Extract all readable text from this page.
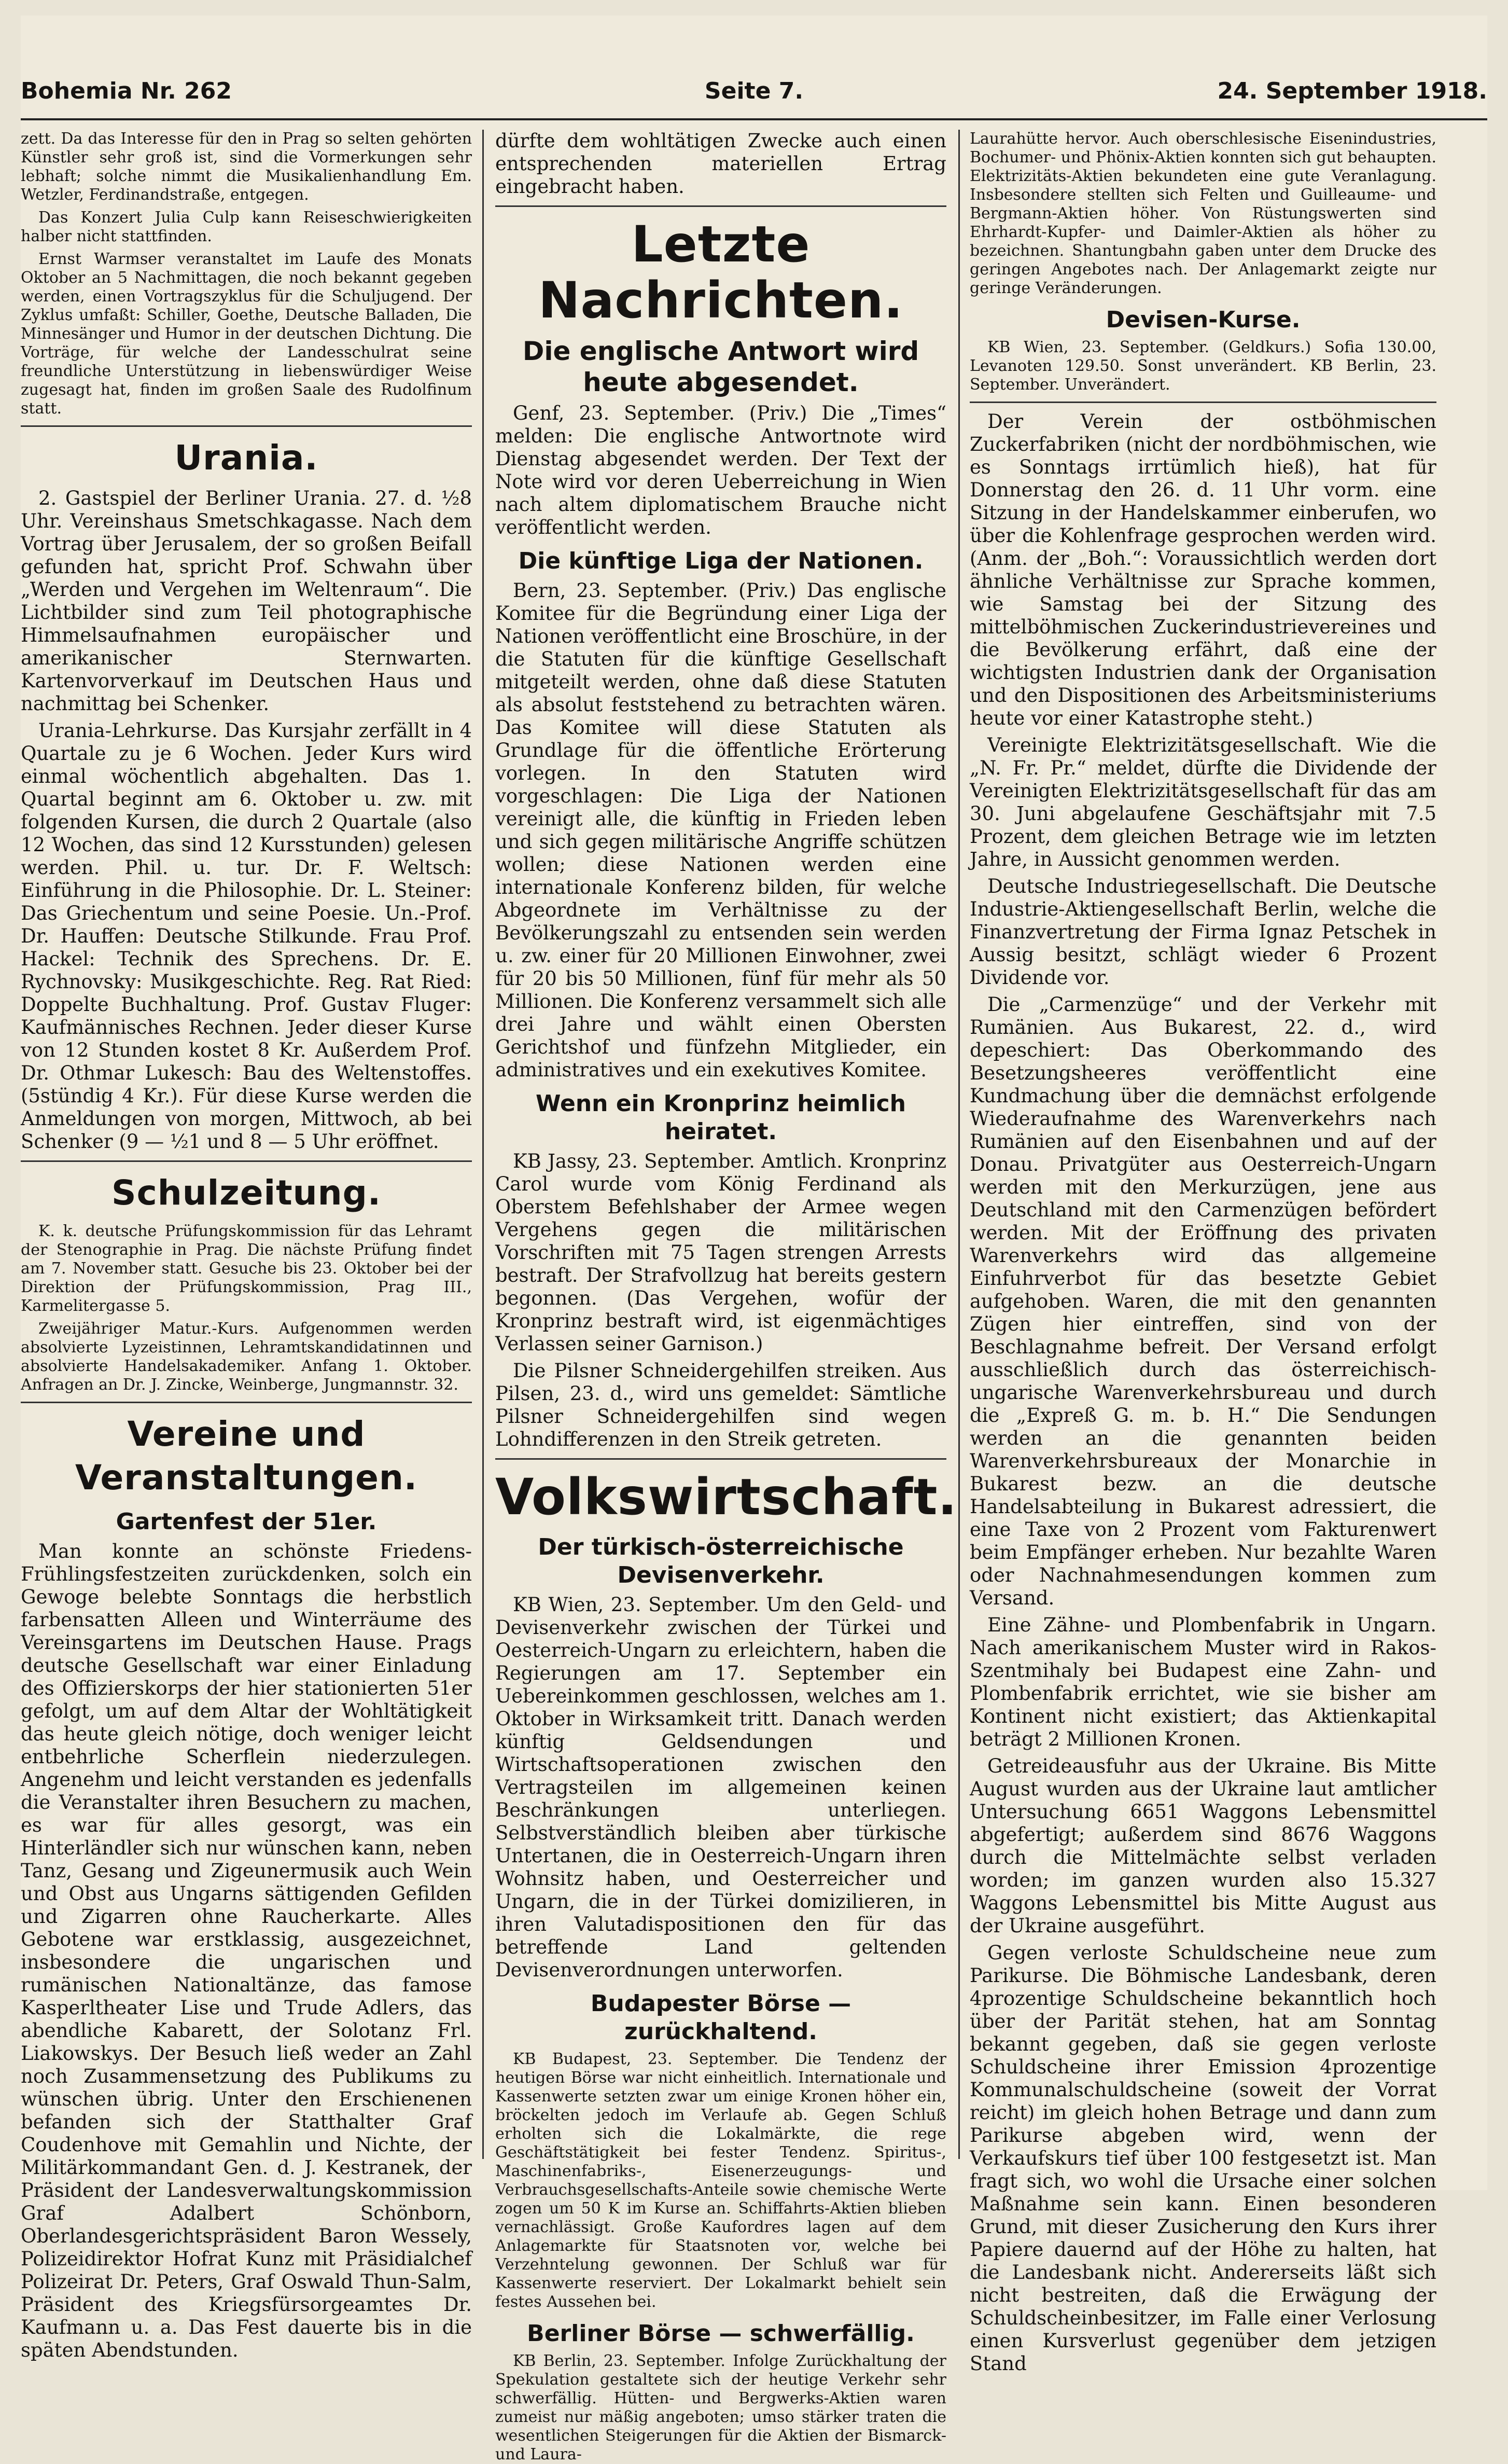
Bohemia Nr. 262	Seite 7.	24. September 1918.

zett. Da das Interesse für den in Prag so selten gehörten Künstler sehr groß ist, sind die Vormerkungen sehr lebhaft; solche nimmt die Musikalienhandlung Em. Wetzler, Ferdinandstraße, entgegen.

Das Konzert Julia Culp kann Reiseschwierigkeiten halber nicht stattfinden.

Ernst Warmser veranstaltet im Laufe des Monats Oktober an 5 Nachmittagen, die noch bekannt gegeben werden, einen Vortragszyklus für die Schuljugend. Der Zyklus umfaßt: Schiller, Goethe, Deutsche Balladen, Die Minnesänger und Humor in der deutschen Dichtung. Die Vorträge, für welche der Landesschulrat seine freundliche Unterstützung in liebenswürdiger Weise zugesagt hat, finden im großen Saale des Rudolfinum statt.

Urania.

2. Gastspiel der Berliner Urania. 27. d. ½8 Uhr. Vereinshaus Smetschkagasse. Nach dem Vortrag über Jerusalem, der so großen Beifall gefunden hat, spricht Prof. Schwahn über „Werden und Vergehen im Weltenraum“. Die Lichtbilder sind zum Teil photographische Himmelsaufnahmen europäischer und amerikanischer Sternwarten. Kartenvorverkauf im Deutschen Haus und nachmittag bei Schenker.

Urania-Lehrkurse. Das Kursjahr zerfällt in 4 Quartale zu je 6 Wochen. Jeder Kurs wird einmal wöchentlich abgehalten. Das 1. Quartal beginnt am 6. Oktober u. zw. mit folgenden Kursen, die durch 2 Quartale (also 12 Wochen, das sind 12 Kursstunden) gelesen werden. Phil. u. tur. Dr. F. Weltsch: Einführung in die Philosophie. Dr. L. Steiner: Das Griechentum und seine Poesie. Un.-Prof. Dr. Hauffen: Deutsche Stilkunde. Frau Prof. Hackel: Technik des Sprechens. Dr. E. Rychnovsky: Musikgeschichte. Reg. Rat Ried: Doppelte Buchhaltung. Prof. Gustav Fluger: Kaufmännisches Rechnen. Jeder dieser Kurse von 12 Stunden kostet 8 Kr. Außerdem Prof. Dr. Othmar Lukesch: Bau des Weltenstoffes. (5stündig 4 Kr.). Für diese Kurse werden die Anmeldungen von morgen, Mittwoch, ab bei Schenker (9 — ½1 und 8 — 5 Uhr eröffnet.

Schulzeitung.

K. k. deutsche Prüfungskommission für das Lehramt der Stenographie in Prag. Die nächste Prüfung findet am 7. November statt. Gesuche bis 23. Oktober bei der Direktion der Prüfungskommission, Prag III., Karmelitergasse 5.

Zweijähriger Matur.-Kurs. Aufgenommen werden absolvierte Lyzeistinnen, Lehramtskandidatinnen und absolvierte Handelsakademiker. Anfang 1. Oktober. Anfragen an Dr. J. Zincke, Weinberge, Jungmannstr. 32.

Vereine und Veranstaltungen.
Gartenfest der 51er.

Man konnte an schönste Friedens-Frühlingsfestzeiten zurückdenken, solch ein Gewoge belebte Sonntags die herbstlich farbensatten Alleen und Winterräume des Vereinsgartens im Deutschen Hause. Prags deutsche Gesellschaft war einer Einladung des Offizierskorps der hier stationierten 51er gefolgt, um auf dem Altar der Wohltätigkeit das heute gleich nötige, doch weniger leicht entbehrliche Scherflein niederzulegen. Angenehm und leicht verstanden es jedenfalls die Veranstalter ihren Besuchern zu machen, es war für alles gesorgt, was ein Hinterländler sich nur wünschen kann, neben Tanz, Gesang und Zigeunermusik auch Wein und Obst aus Ungarns sättigenden Gefilden und Zigarren ohne Raucherkarte. Alles Gebotene war erstklassig, ausgezeichnet, insbesondere die ungarischen und rumänischen Nationaltänze, das famose Kasperltheater Lise und Trude Adlers, das abendliche Kabarett, der Solotanz Frl. Liakowskys. Der Besuch ließ weder an Zahl noch Zusammensetzung des Publikums zu wünschen übrig. Unter den Erschienenen befanden sich der Statthalter Graf Coudenhove mit Gemahlin und Nichte, der Militärkommandant Gen. d. J. Kestranek, der Präsident der Landesverwaltungskommission Graf Adalbert Schönborn, Oberlandesgerichtspräsident Baron Wessely, Polizeidirektor Hofrat Kunz mit Präsidialchef Polizeirat Dr. Peters, Graf Oswald Thun-Salm, Präsident des Kriegsfürsorgeamtes Dr. Kaufmann u. a. Das Fest dauerte bis in die späten Abendstunden.

dürfte dem wohltätigen Zwecke auch einen entsprechenden materiellen Ertrag eingebracht haben.

Letzte Nachrichten.
Die englische Antwort wird heute abgesendet.

Genf, 23. September. (Priv.) Die „Times“ melden: Die englische Antwortnote wird Dienstag abgesendet werden. Der Text der Note wird vor deren Ueberreichung in Wien nach altem diplomatischem Brauche nicht veröffentlicht werden.

Die künftige Liga der Nationen.

Bern, 23. September. (Priv.) Das englische Komitee für die Begründung einer Liga der Nationen veröffentlicht eine Broschüre, in der die Statuten für die künftige Gesellschaft mitgeteilt werden, ohne daß diese Statuten als absolut feststehend zu betrachten wären. Das Komitee will diese Statuten als Grundlage für die öffentliche Erörterung vorlegen. In den Statuten wird vorgeschlagen: Die Liga der Nationen vereinigt alle, die künftig in Frieden leben und sich gegen militärische Angriffe schützen wollen; diese Nationen werden eine internationale Konferenz bilden, für welche Abgeordnete im Verhältnisse zu der Bevölkerungszahl zu entsenden sein werden u. zw. einer für 20 Millionen Einwohner, zwei für 20 bis 50 Millionen, fünf für mehr als 50 Millionen. Die Konferenz versammelt sich alle drei Jahre und wählt einen Obersten Gerichtshof und fünfzehn Mitglieder, ein administratives und ein exekutives Komitee.

Wenn ein Kronprinz heimlich heiratet.

KB Jassy, 23. September. Amtlich. Kronprinz Carol wurde vom König Ferdinand als Oberstem Befehlshaber der Armee wegen Vergehens gegen die militärischen Vorschriften mit 75 Tagen strengen Arrests bestraft. Der Strafvollzug hat bereits gestern begonnen. (Das Vergehen, wofür der Kronprinz bestraft wird, ist eigenmächtiges Verlassen seiner Garnison.)

Die Pilsner Schneidergehilfen streiken. Aus Pilsen, 23. d., wird uns gemeldet: Sämtliche Pilsner Schneidergehilfen sind wegen Lohndifferenzen in den Streik getreten.

Volkswirtschaft.
Der türkisch-österreichische Devisenverkehr.

KB Wien, 23. September. Um den Geld- und Devisenverkehr zwischen der Türkei und Oesterreich-Ungarn zu erleichtern, haben die Regierungen am 17. September ein Uebereinkommen geschlossen, welches am 1. Oktober in Wirksamkeit tritt. Danach werden künftig Geldsendungen und Wirtschaftsoperationen zwischen den Vertragsteilen im allgemeinen keinen Beschränkungen unterliegen. Selbstverständlich bleiben aber türkische Untertanen, die in Oesterreich-Ungarn ihren Wohnsitz haben, und Oesterreicher und Ungarn, die in der Türkei domizilieren, in ihren Valutadispositionen den für das betreffende Land geltenden Devisenverordnungen unterworfen.

Budapester Börse — zurückhaltend.

KB Budapest, 23. September. Die Tendenz der heutigen Börse war nicht einheitlich. Internationale und Kassenwerte setzten zwar um einige Kronen höher ein, bröckelten jedoch im Verlaufe ab. Gegen Schluß erholten sich die Lokalmärkte, die rege Geschäftstätigkeit bei fester Tendenz. Spiritus-, Maschinenfabriks-, Eisenerzeugungs- und Verbrauchsgesellschafts-Anteile sowie chemische Werte zogen um 50 K im Kurse an. Schiffahrts-Aktien blieben vernachlässigt. Große Kaufordres lagen auf dem Anlagemarkte für Staatsnoten vor, welche bei Verzehntelung gewonnen. Der Schluß war für Kassenwerte reserviert. Der Lokalmarkt behielt sein festes Aussehen bei.

Berliner Börse — schwerfällig.

KB Berlin, 23. September. Infolge Zurückhaltung der Spekulation gestaltete sich der heutige Verkehr sehr schwerfällig. Hütten- und Bergwerks-Aktien waren zumeist nur mäßig angeboten; umso stärker traten die wesentlichen Steigerungen für die Aktien der Bismarck- und Laura-

Laurahütte hervor. Auch oberschlesische Eisenindustries, Bochumer- und Phönix-Aktien konnten sich gut behaupten. Elektrizitäts-Aktien bekundeten eine gute Veranlagung. Insbesondere stellten sich Felten und Guilleaume- und Bergmann-Aktien höher. Von Rüstungswerten sind Ehrhardt-Kupfer- und Daimler-Aktien als höher zu bezeichnen. Shantungbahn gaben unter dem Drucke des geringen Angebotes nach. Der Anlagemarkt zeigte nur geringe Veränderungen.

Devisen-Kurse.

KB Wien, 23. September. (Geldkurs.) Sofia 130.00, Levanoten 129.50. Sonst unverändert. KB Berlin, 23. September. Unverändert.

Der Verein der ostböhmischen Zuckerfabriken (nicht der nordböhmischen, wie es Sonntags irrtümlich hieß), hat für Donnerstag den 26. d. 11 Uhr vorm. eine Sitzung in der Handelskammer einberufen, wo über die Kohlenfrage gesprochen werden wird. (Anm. der „Boh.“: Voraussichtlich werden dort ähnliche Verhältnisse zur Sprache kommen, wie Samstag bei der Sitzung des mittelböhmischen Zuckerindustrievereines und die Bevölkerung erfährt, daß eine der wichtigsten Industrien dank der Organisation und den Dispositionen des Arbeitsministeriums heute vor einer Katastrophe steht.)

Vereinigte Elektrizitätsgesellschaft. Wie die „N. Fr. Pr.“ meldet, dürfte die Dividende der Vereinigten Elektrizitätsgesellschaft für das am 30. Juni abgelaufene Geschäftsjahr mit 7.5 Prozent, dem gleichen Betrage wie im letzten Jahre, in Aussicht genommen werden.

Deutsche Industriegesellschaft. Die Deutsche Industrie-Aktiengesellschaft Berlin, welche die Finanzvertretung der Firma Ignaz Petschek in Aussig besitzt, schlägt wieder 6 Prozent Dividende vor.

Die „Carmenzüge“ und der Verkehr mit Rumänien. Aus Bukarest, 22. d., wird depeschiert: Das Oberkommando des Besetzungsheeres veröffentlicht eine Kundmachung über die demnächst erfolgende Wiederaufnahme des Warenverkehrs nach Rumänien auf den Eisenbahnen und auf der Donau. Privatgüter aus Oesterreich-Ungarn werden mit den Merkurzügen, jene aus Deutschland mit den Carmenzügen befördert werden. Mit der Eröffnung des privaten Warenverkehrs wird das allgemeine Einfuhrverbot für das besetzte Gebiet aufgehoben. Waren, die mit den genannten Zügen hier eintreffen, sind von der Beschlagnahme befreit. Der Versand erfolgt ausschließlich durch das österreichisch-ungarische Warenverkehrsbureau und durch die „Expreß G. m. b. H.“ Die Sendungen werden an die genannten beiden Warenverkehrsbureaux der Monarchie in Bukarest bezw. an die deutsche Handelsabteilung in Bukarest adressiert, die eine Taxe von 2 Prozent vom Fakturenwert beim Empfänger erheben. Nur bezahlte Waren oder Nachnahmesendungen kommen zum Versand.

Eine Zähne- und Plombenfabrik in Ungarn. Nach amerikanischem Muster wird in Rakos-Szentmihaly bei Budapest eine Zahn- und Plombenfabrik errichtet, wie sie bisher am Kontinent nicht existiert; das Aktienkapital beträgt 2 Millionen Kronen.

Getreideausfuhr aus der Ukraine. Bis Mitte August wurden aus der Ukraine laut amtlicher Untersuchung 6651 Waggons Lebensmittel abgefertigt; außerdem sind 8676 Waggons durch die Mittelmächte selbst verladen worden; im ganzen wurden also 15.327 Waggons Lebensmittel bis Mitte August aus der Ukraine ausgeführt.

Gegen verloste Schuldscheine neue zum Parikurse. Die Böhmische Landesbank, deren 4prozentige Schuldscheine bekanntlich hoch über der Parität stehen, hat am Sonntag bekannt gegeben, daß sie gegen verloste Schuldscheine ihrer Emission 4prozentige Kommunalschuldscheine (soweit der Vorrat reicht) im gleich hohen Betrage und dann zum Parikurse abgeben wird, wenn der Verkaufskurs tief über 100 festgesetzt ist. Man fragt sich, wo wohl die Ursache einer solchen Maßnahme sein kann. Einen besonderen Grund, mit dieser Zusicherung den Kurs ihrer Papiere dauernd auf der Höhe zu halten, hat die Landesbank nicht. Andererseits läßt sich nicht bestreiten, daß die Erwägung der Schuldscheinbesitzer, im Falle einer Verlosung einen Kursverlust gegenüber dem jetzigen Stand
